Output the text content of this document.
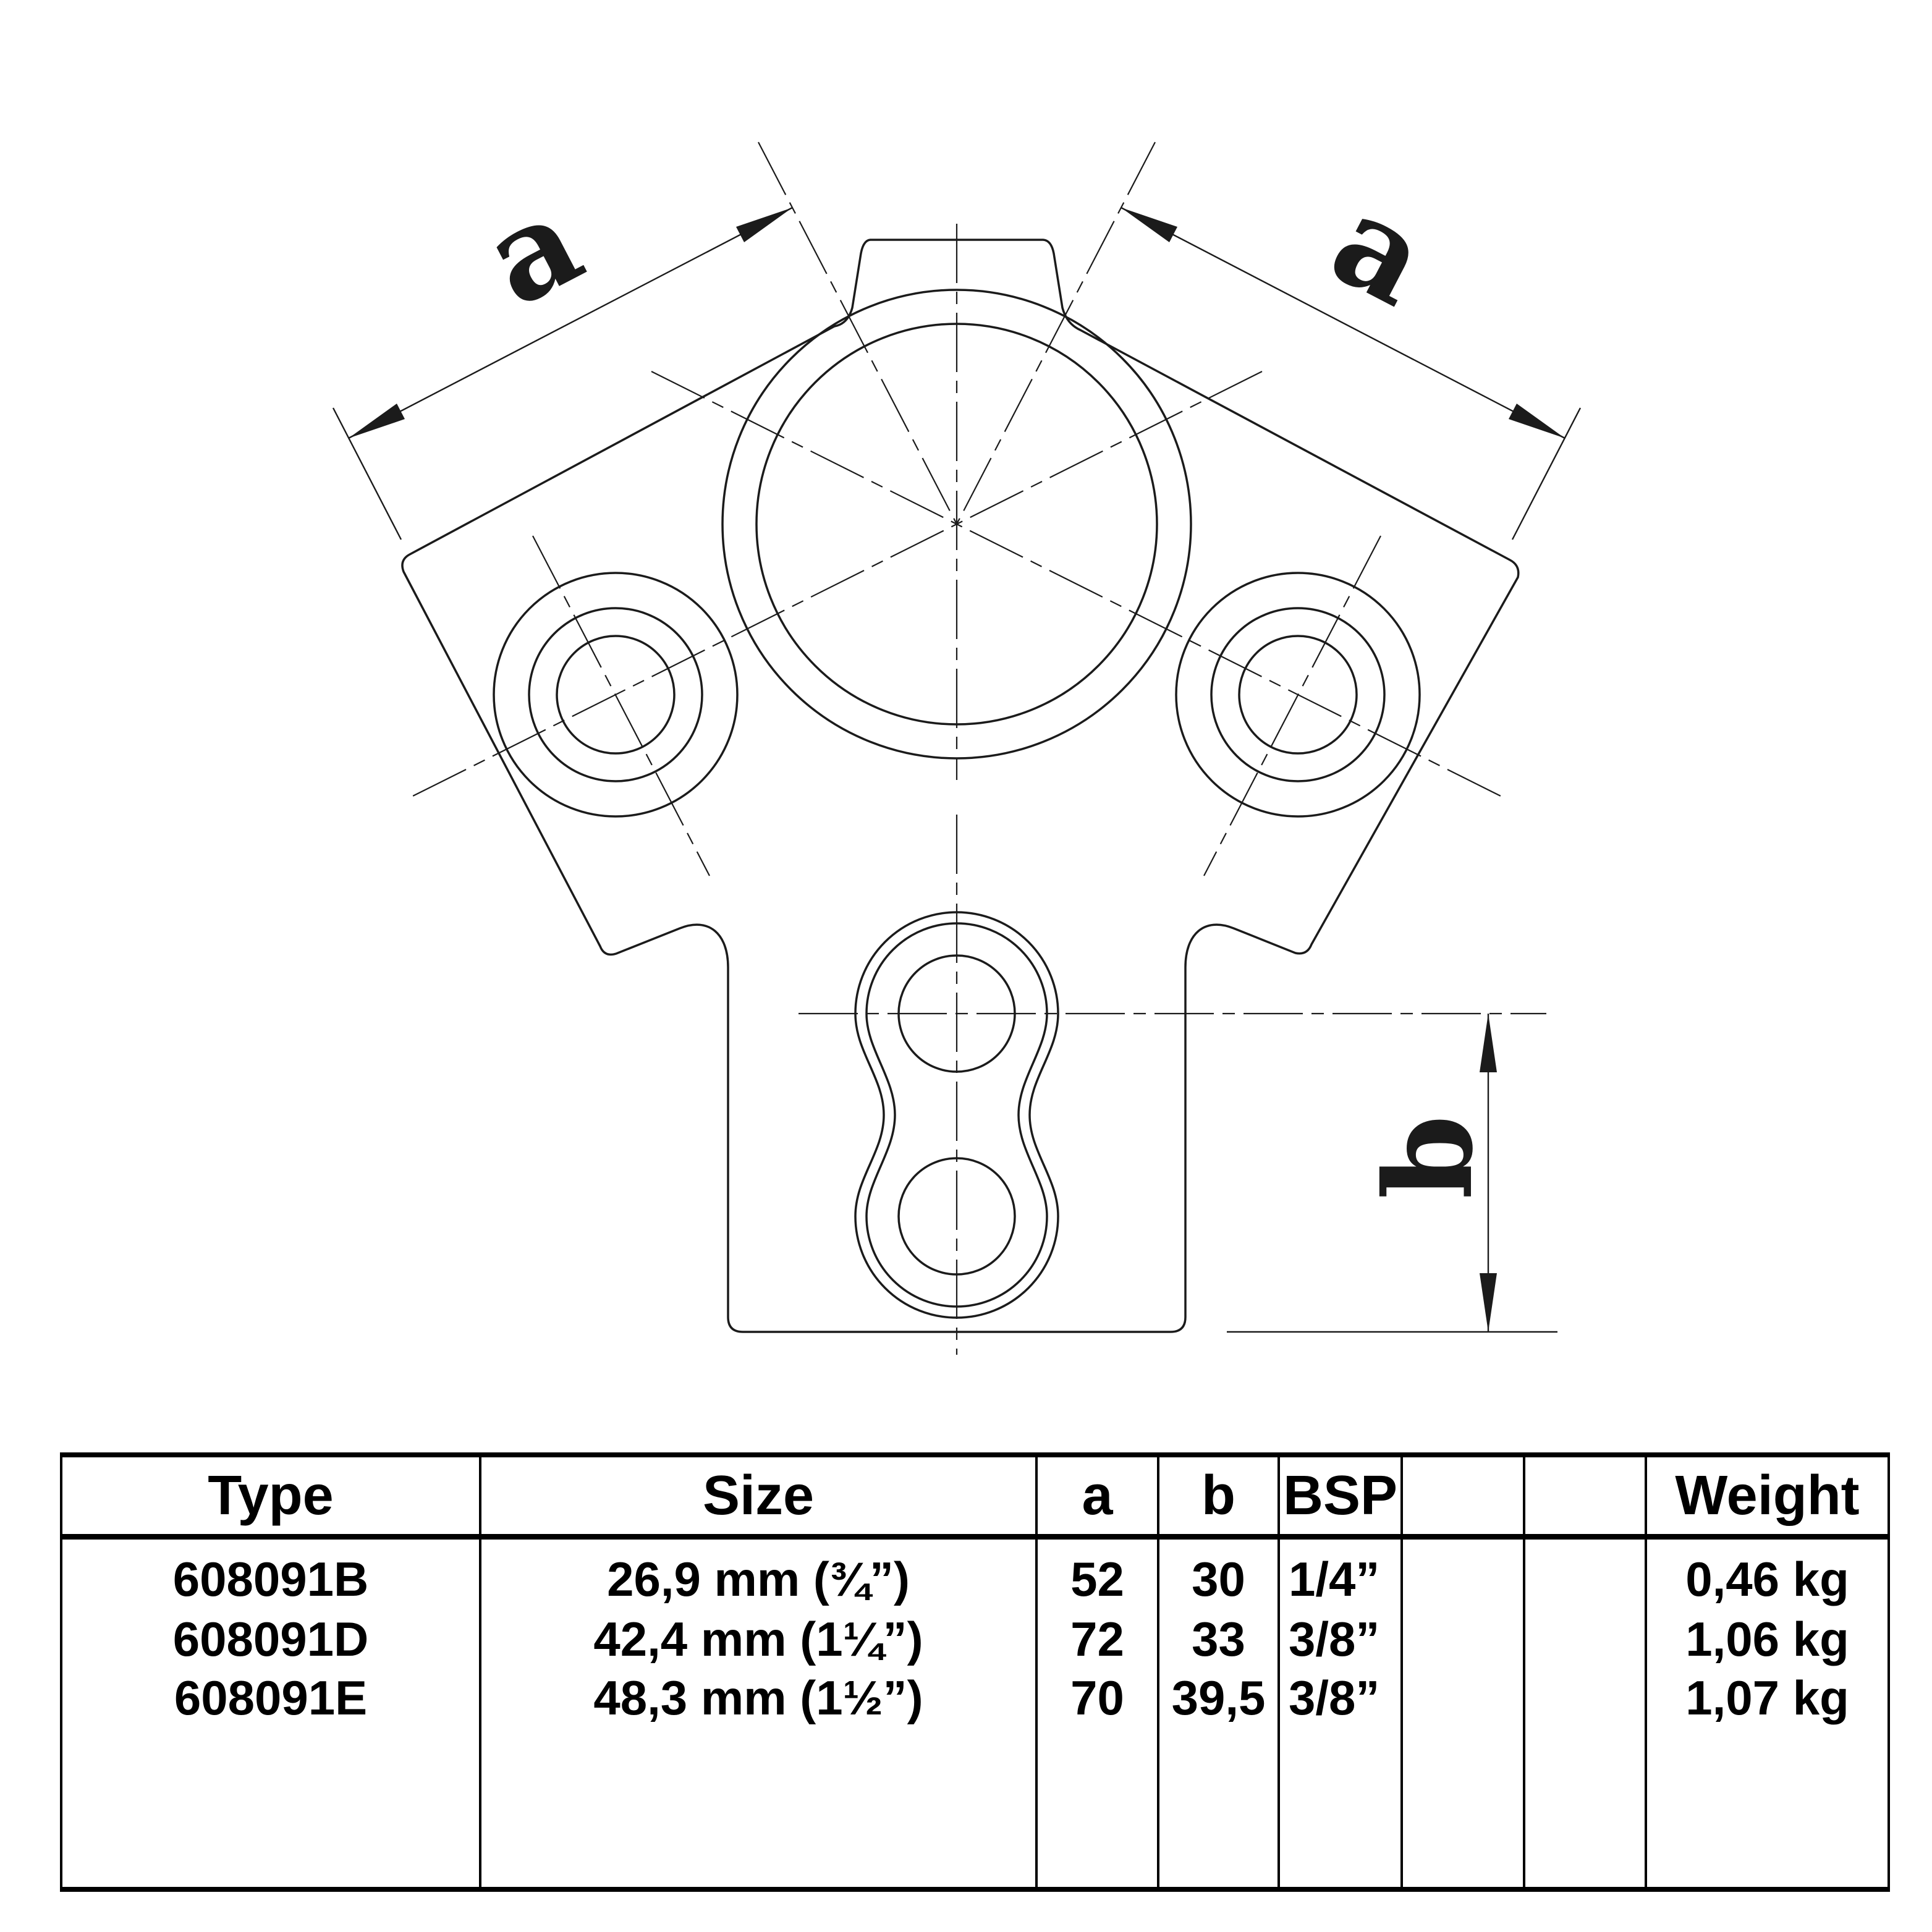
a	a
b
Type	Size	a	b	BSP			Weight
608091B	26,9 mm (¾”)	52	30	1/4”			0,46 kg
608091D	42,4 mm (1¼”)	72	33	3/8”			1,06 kg
608091E	48,3 mm (1½”)	70	39,5	3/8”			1,07 kg
